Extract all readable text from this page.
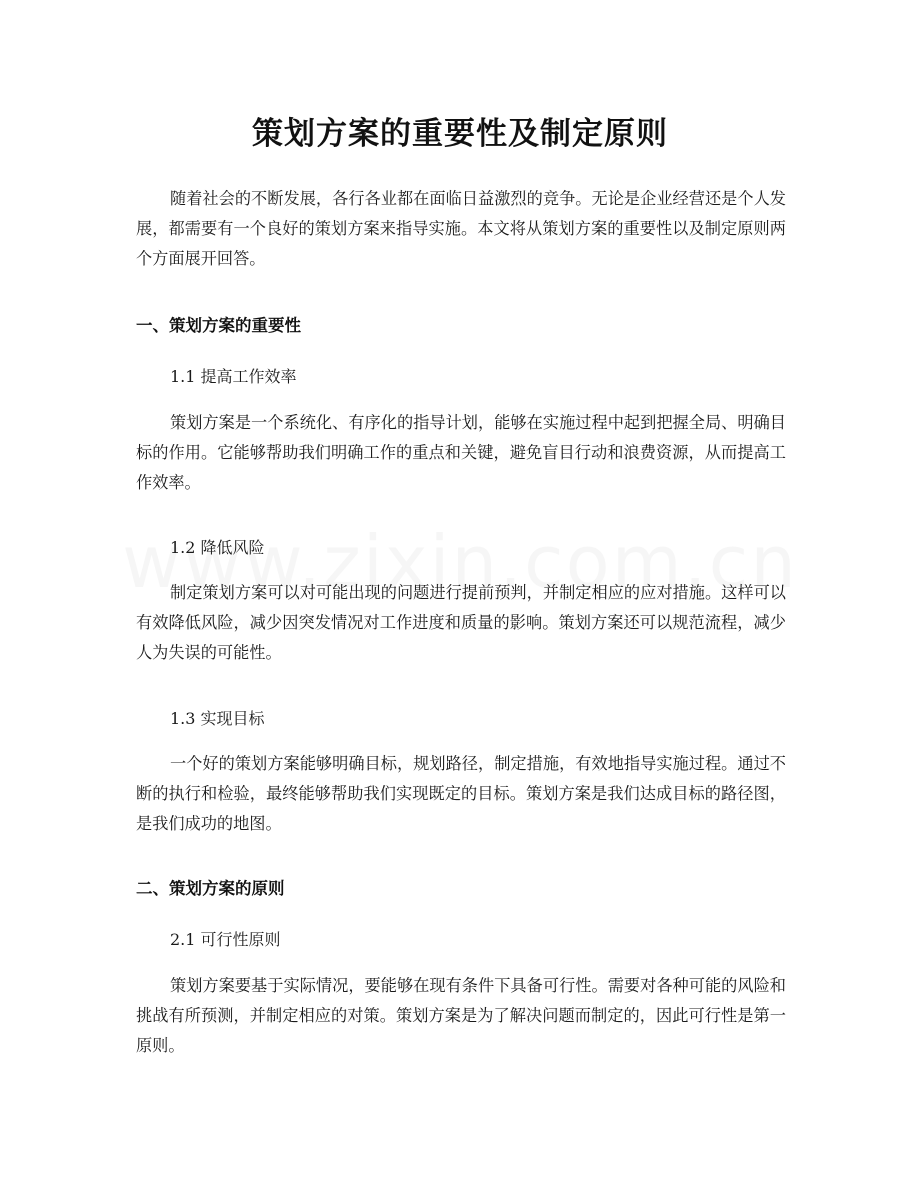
策划方案的重要性及制定原则
随着社会的不断发展，各行各业都在面临日益激烈的竞争。无论是企业经营还是个人发展，都需要有一个良好的策划方案来指导实施。本文将从策划方案的重要性以及制定原则两个方面展开回答。
一、策划方案的重要性
1.1 提高工作效率
策划方案是一个系统化、有序化的指导计划，能够在实施过程中起到把握全局、明确目标的作用。它能够帮助我们明确工作的重点和关键，避免盲目行动和浪费资源，从而提高工作效率。
1.2 降低风险
制定策划方案可以对可能出现的问题进行提前预判，并制定相应的应对措施。这样可以有效降低风险，减少因突发情况对工作进度和质量的影响。策划方案还可以规范流程，减少人为失误的可能性。
1.3 实现目标
一个好的策划方案能够明确目标，规划路径，制定措施，有效地指导实施过程。通过不断的执行和检验，最终能够帮助我们实现既定的目标。策划方案是我们达成目标的路径图，是我们成功的地图。
二、策划方案的原则
2.1 可行性原则
策划方案要基于实际情况，要能够在现有条件下具备可行性。需要对各种可能的风险和挑战有所预测，并制定相应的对策。策划方案是为了解决问题而制定的，因此可行性是第一原则。
